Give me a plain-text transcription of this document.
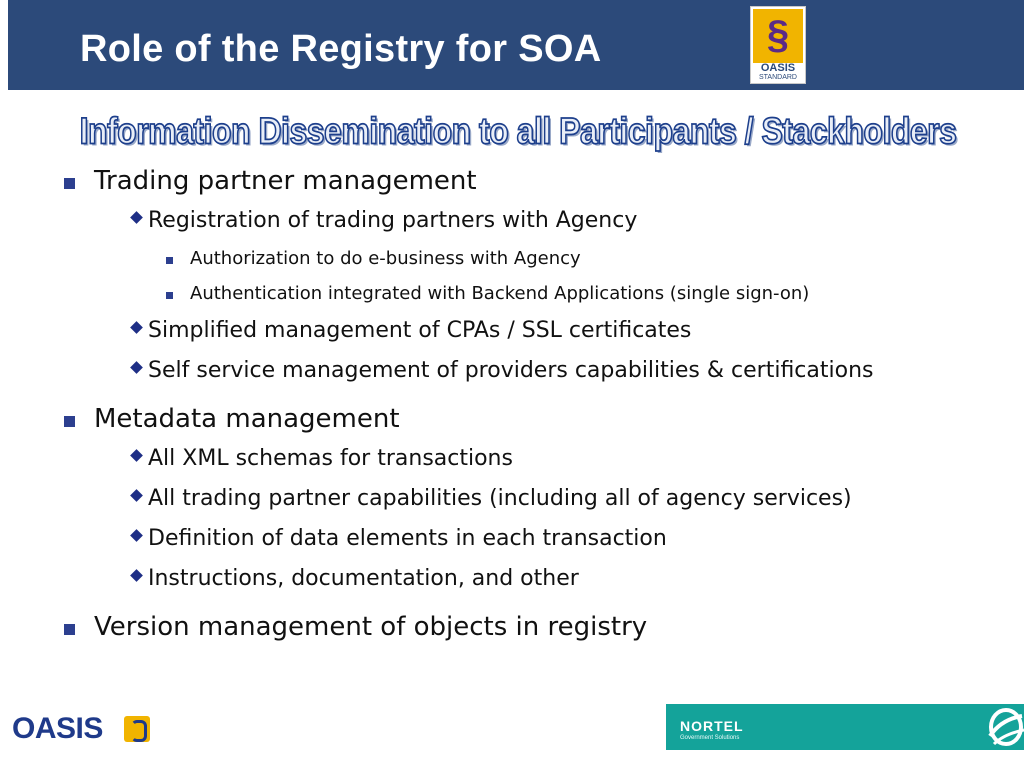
Role of the Registry for SOA	§
OASIS
STANDARD
Information Dissemination to all Participants / Stackholders
Trading partner management
Registration of trading partners with Agency
Authorization to do e-business with Agency
Authentication integrated with Backend Applications (single sign-on)
Simplified management of CPAs / SSL certificates
Self service management of providers capabilities & certifications
Metadata management
All XML schemas for transactions
All trading partner capabilities (including all of agency services)
Definition of data elements in each transaction
Instructions, documentation, and other
Version management of objects in registry
OASIS	NORTEL
Government Solutions
